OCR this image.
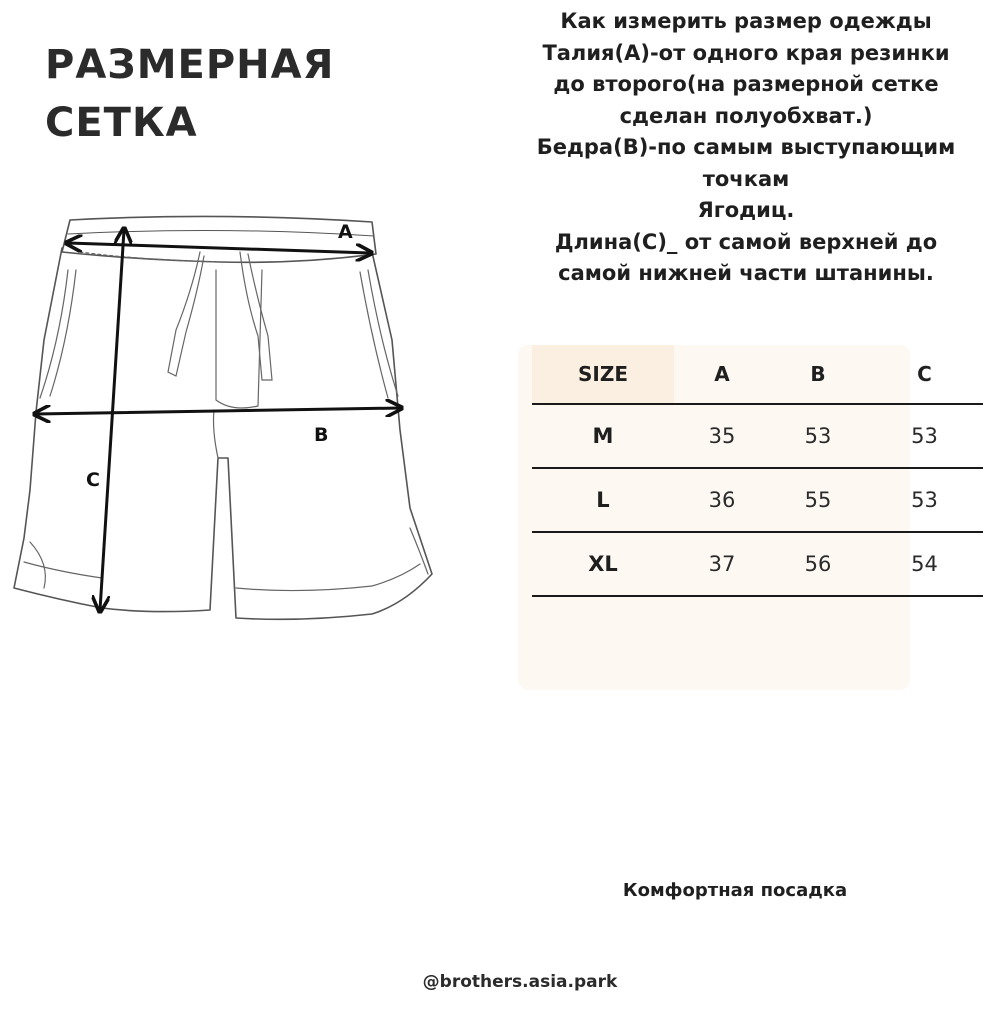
РАЗМЕРНАЯ
СЕТКА
Как измерить размер одежды
Талия(A)-от одного края резинки
до второго(на размерной сетке
сделан полуобхват.)
Бедра(B)-по самым выступающим
точкам
Ягодиц.
Длина(C)_ от самой верхней до
самой нижней части штанины.
A
B
C
SIZE	A	B	C
M	35	53	53
L	36	55	53
XL	37	56	54
Комфортная посадка
@brothers.asia.park
